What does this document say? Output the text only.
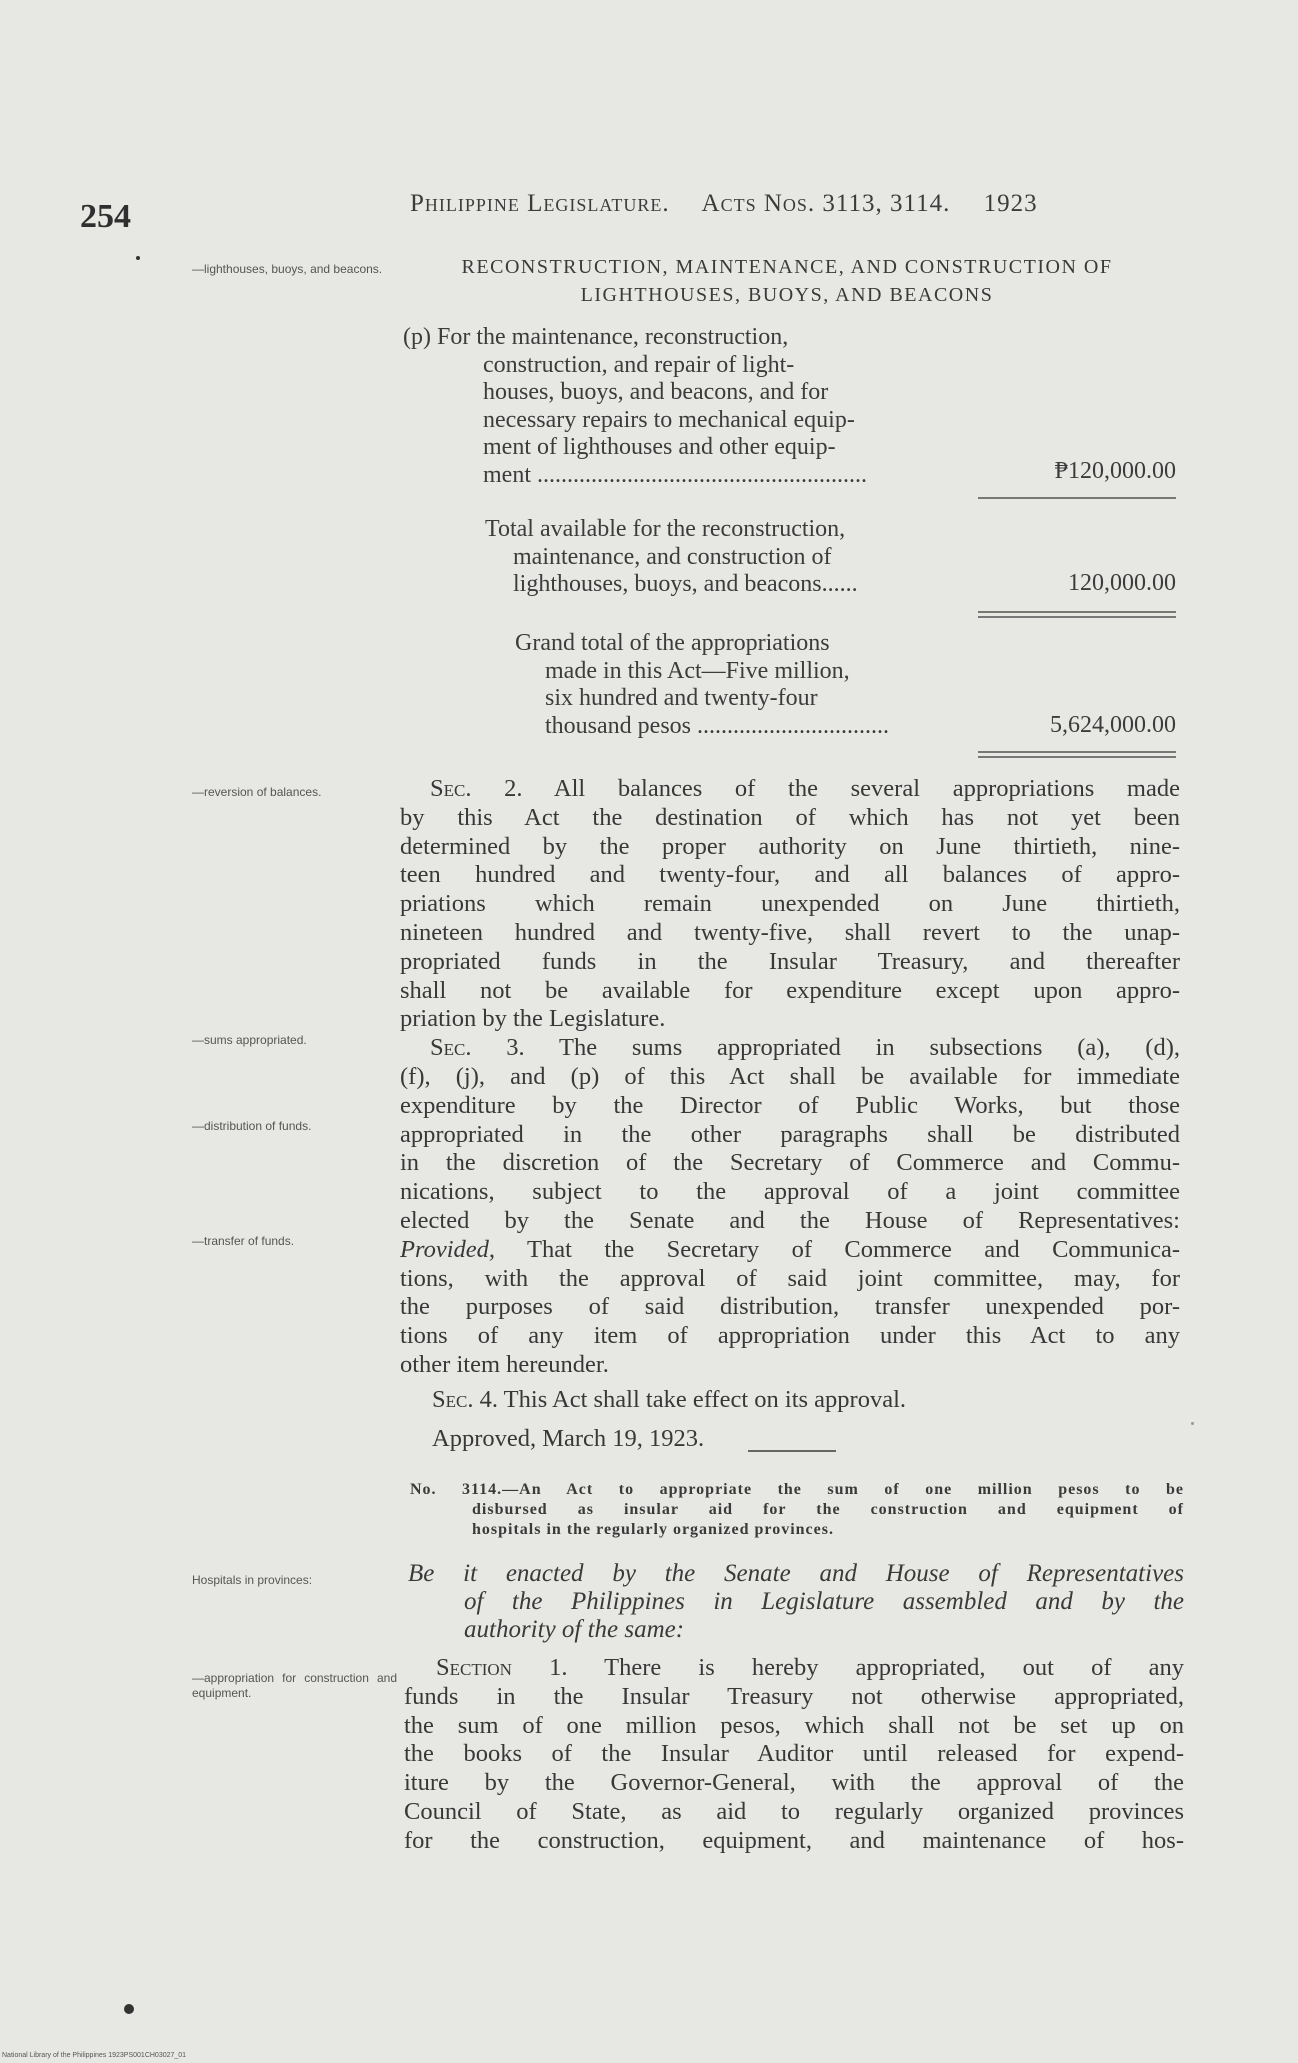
254	Philippine Legislature. Acts Nos. 3113, 3114. 1923
—lighthouses, buoys, and beacons.	RECONSTRUCTION, MAINTENANCE, AND CONSTRUCTION OF
LIGHTHOUSES, BUOYS, AND BEACONS
(p) For the maintenance, reconstruction,
construction, and repair of light-
houses, buoys, and beacons, and for
necessary repairs to mechanical equip-
ment of lighthouses and other equip-
ment .......................................................	₱120,000.00
Total available for the reconstruction,
maintenance, and construction of
lighthouses, buoys, and beacons......	120,000.00
Grand total of the appropriations
made in this Act—Five million,
six hundred and twenty-four
thousand pesos ................................	5,624,000.00
—reversion of balances.
—sums appropriated.
—distribution of funds.
—transfer of funds.
Sec. 2. All balances of the several appropriations made
by this Act the destination of which has not yet been
determined by the proper authority on June thirtieth, nine-
teen hundred and twenty-four, and all balances of appro-
priations which remain unexpended on June thirtieth,
nineteen hundred and twenty-five, shall revert to the unap-
propriated funds in the Insular Treasury, and thereafter
shall not be available for expenditure except upon appro-
priation by the Legislature.
Sec. 3. The sums appropriated in subsections (a), (d),
(f), (j), and (p) of this Act shall be available for immediate
expenditure by the Director of Public Works, but those
appropriated in the other paragraphs shall be distributed
in the discretion of the Secretary of Commerce and Commu-
nications, subject to the approval of a joint committee
elected by the Senate and the House of Representatives:
Provided, That the Secretary of Commerce and Communica-
tions, with the approval of said joint committee, may, for
the purposes of said distribution, transfer unexpended por-
tions of any item of appropriation under this Act to any
other item hereunder.
Sec. 4. This Act shall take effect on its approval.
Approved, March 19, 1923.
No. 3114.—An Act to appropriate the sum of one million pesos to be
disbursed as insular aid for the construction and equipment of
hospitals in the regularly organized provinces.
Hospitals in provinces:	Be it enacted by the Senate and House of Representatives
of the Philippines in Legislature assembled and by the
authority of the same:
—appropriation for construction and equipment.
Section 1. There is hereby appropriated, out of any
funds in the Insular Treasury not otherwise appropriated,
the sum of one million pesos, which shall not be set up on
the books of the Insular Auditor until released for expend-
iture by the Governor-General, with the approval of the
Council of State, as aid to regularly organized provinces
for the construction, equipment, and maintenance of hos-
National Library of the Philippines 1923PS001CH03027_01
